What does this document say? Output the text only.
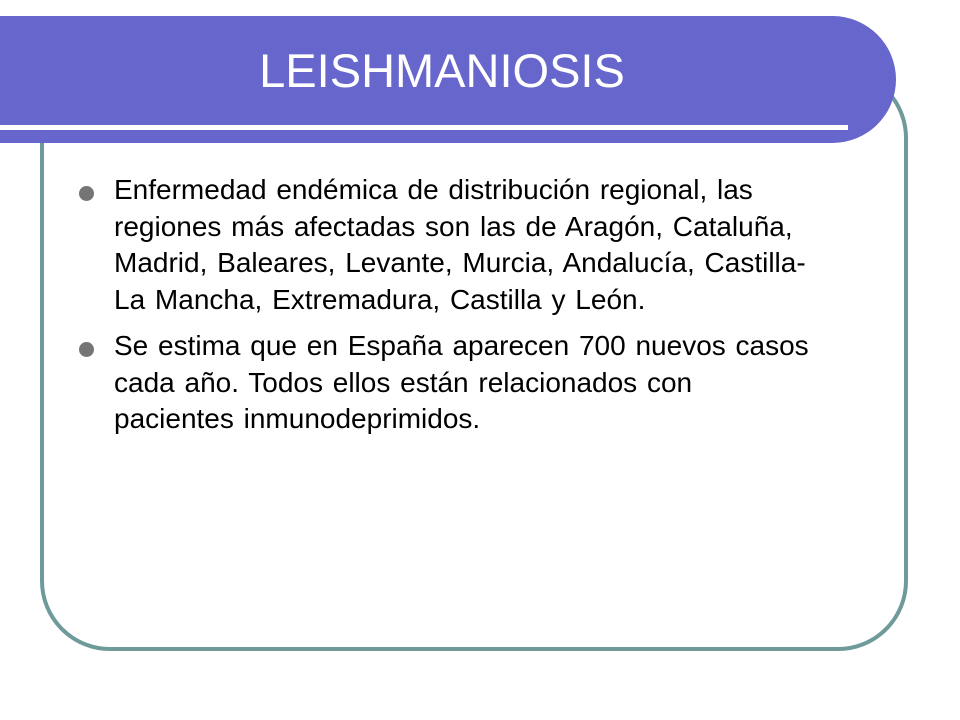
LEISHMANIOSIS
Enfermedad endémica de distribución regional, las regiones más afectadas son las de Aragón, Cataluña, Madrid, Baleares, Levante, Murcia, Andalucía, Castilla-La Mancha, Extremadura, Castilla y León.
Se estima que en España aparecen 700 nuevos casos cada año. Todos ellos están relacionados con pacientes inmunodeprimidos.
